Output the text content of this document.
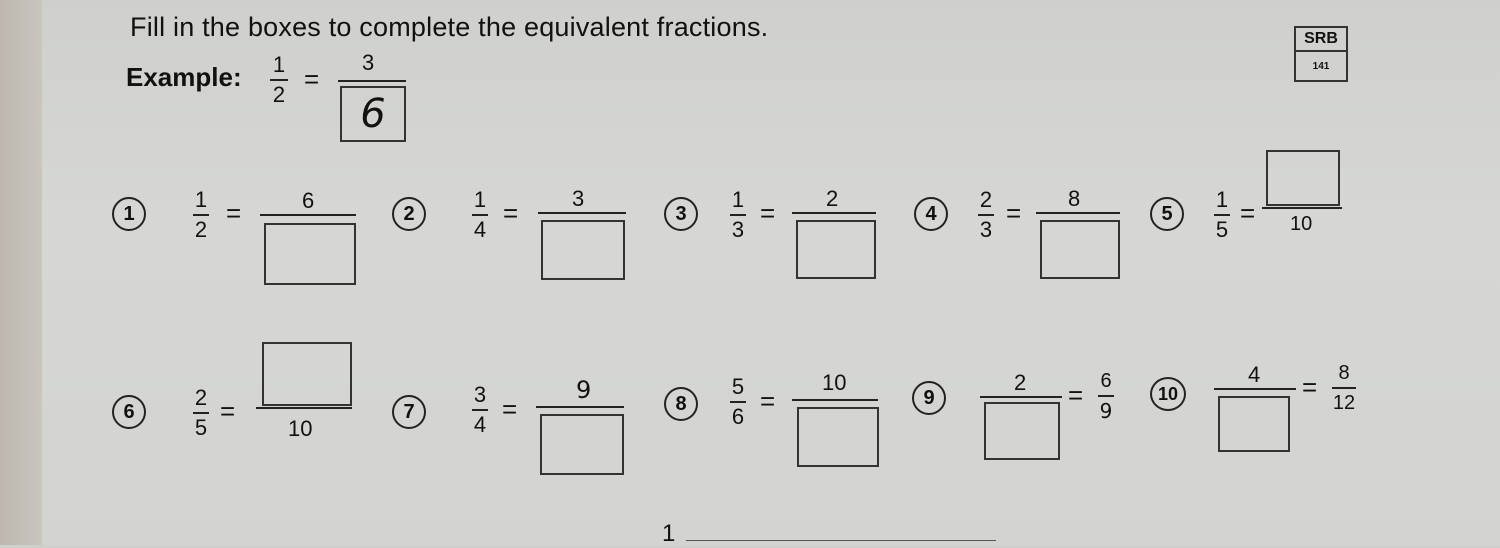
Fill in the boxes to complete the equivalent fractions.	SRB
141
Example: 1
2
=
3
6
1
1
2
=	6
2
1
4
= 3
3
1
3
= 2
4
2
3
= 8
5
1
5
= 10
6
2
5
=
10
7
3
4
=
9	8
5
6
=
10
9
2 = 6
9
10
4 = 8
12
1
